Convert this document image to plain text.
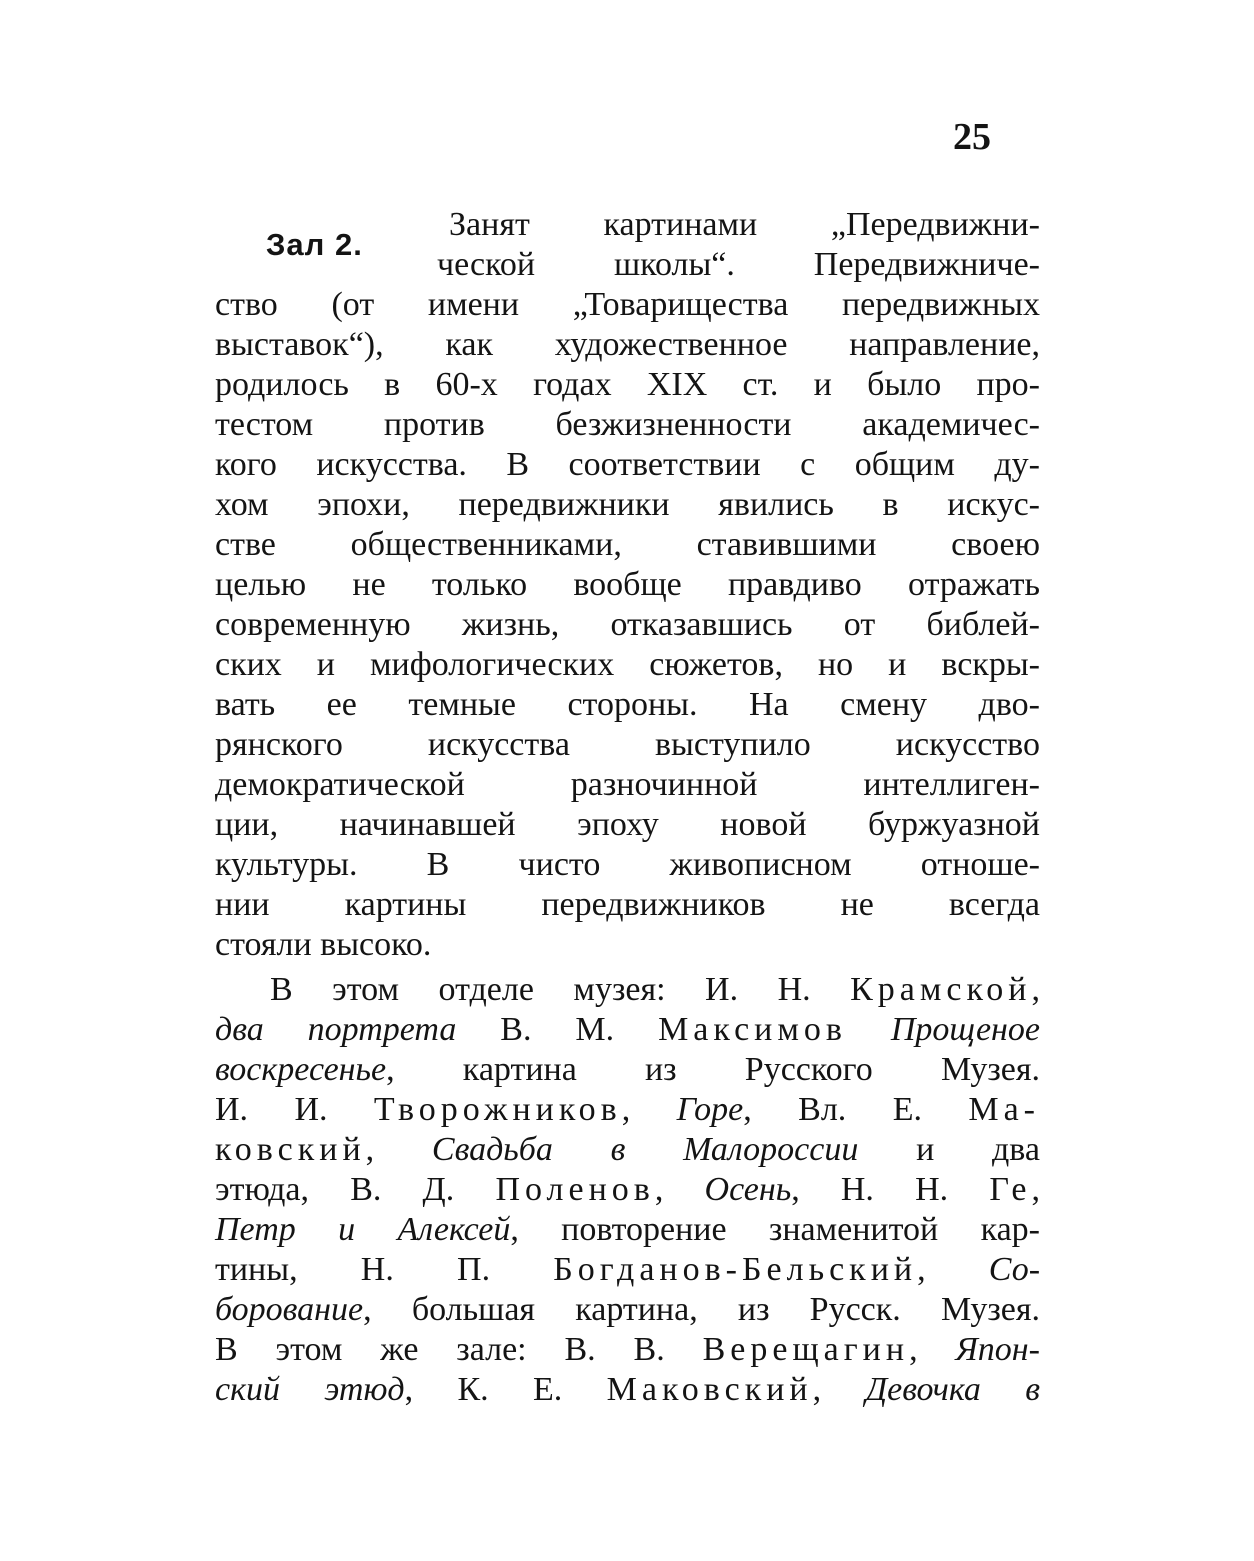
25
Зал 2.
Занят картинами „Передвижни-
ческой школы“. Передвижниче-
ство (от имени „Товарищества передвижных
выставок“), как художественное направление,
родилось в 60-х годах XIX ст. и было про-
тестом против безжизненности академичес-
кого искусства. В соответствии с общим ду-
хом эпохи, передвижники явились в искус-
стве общественниками, ставившими своею
целью не только вообще правдиво отражать
современную жизнь, отказавшись от библей-
ских и мифологических сюжетов, но и вскры-
вать ее темные стороны. На смену дво-
рянского искусства выступило искусство
демократической разночинной интеллиген-
ции, начинавшей эпоху новой буржуазной
культуры. В чисто живописном отноше-
нии картины передвижников не всегда
стояли высоко.
В этом отделе музея: И. Н. Крамской,
два портрета В. М. Максимов Прощеное
воскресенье, картина из Русского Музея.
И. И. Творожников, Горе, Вл. Е. Ма-
ковский, Свадьба в Малороссии и два
этюда, В. Д. Поленов, Осень, Н. Н. Ге,
Петр и Алексей, повторение знаменитой кар-
тины, Н. П. Богданов-Бельский, Со-
борование, большая картина, из Русск. Музея.
В этом же зале: В. В. Верещагин, Япон-
ский этюд, К. Е. Маковский, Девочка в
